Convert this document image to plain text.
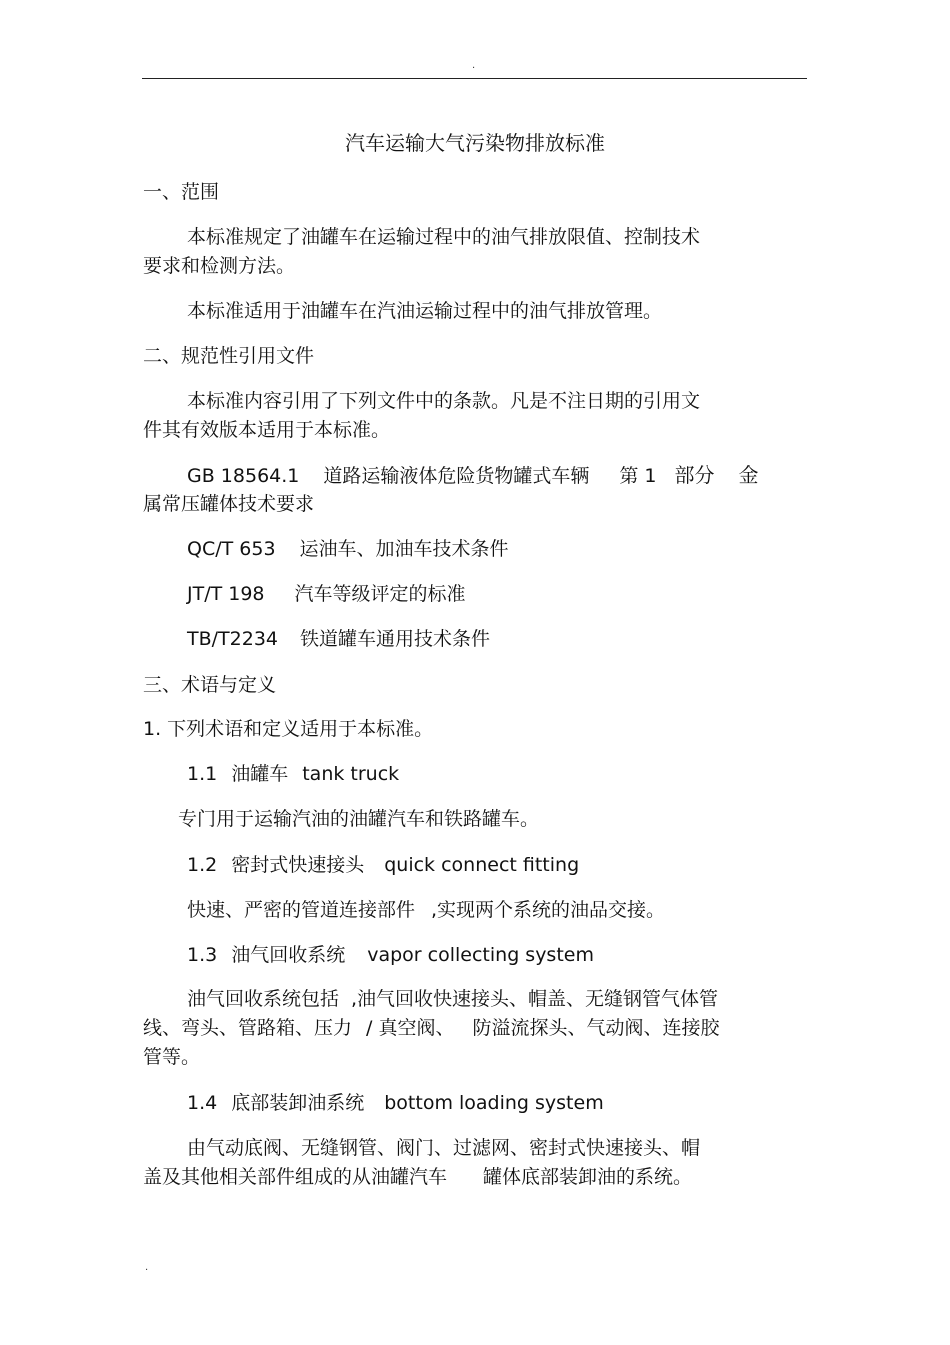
.
汽车运输大气污染物排放标准
一、范围
本标准规定了油罐车在运输过程中的油气排放限值、控制技术
要求和检测方法。
本标准适用于油罐车在汽油运输过程中的油气排放管理。
二、规范性引用文件
本标准内容引用了下列文件中的条款。凡是不注日期的引用文
件其有效版本适用于本标准。
GB 18564.1 道路运输液体危险货物罐式车辆 第 1 部分 金
属常压罐体技术要求
QC/T 653 运油车、加油车技术条件
JT/T 198 汽车等级评定的标准
TB/T2234 铁道罐车通用技术条件
三、术语与定义
1. 下列术语和定义适用于本标准。
1.1 油罐车 tank truck
专门用于运输汽油的油罐汽车和铁路罐车。
1.2 密封式快速接头 quick connect fitting
快速、严密的管道连接部件 ,实现两个系统的油品交接。
1.3 油气回收系统 vapor collecting system
油气回收系统包括 ,油气回收快速接头、帽盖、无缝钢管气体管
线、弯头、管路箱、压力 / 真空阀、 防溢流探头、气动阀、连接胶
管等。
1.4 底部装卸油系统 bottom loading system
由气动底阀、无缝钢管、阀门、过滤网、密封式快速接头、帽
盖及其他相关部件组成的从油罐汽车 罐体底部装卸油的系统。
.
